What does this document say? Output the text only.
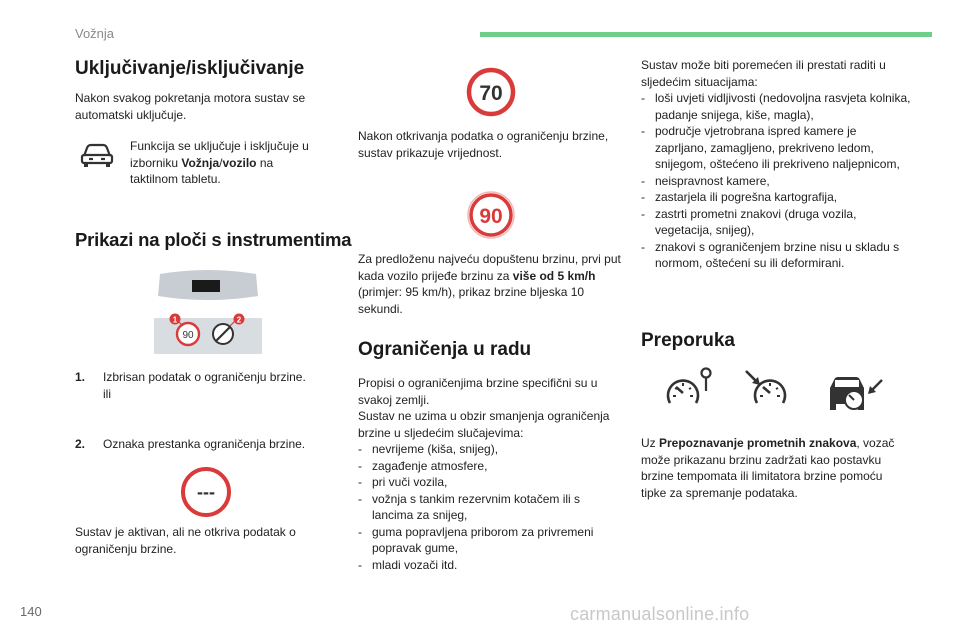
Vožnja
Uključivanje/isključivanje
Nakon svakog pokretanja motora sustav se automatski uključuje.
Funkcija se uključuje i isključuje u izborniku Vožnja/vozilo na taktilnom tabletu.
Prikazi na ploči s instrumentima
90
1	2
1. Izbrisan podatak o ograničenju brzine.
ili
2. Oznaka prestanka ograničenja brzine.
---
Sustav je aktivan, ali ne otkriva podatak o ograničenju brzine.
70
Nakon otkrivanja podatka o ograničenju brzine, sustav prikazuje vrijednost.
90
Za predloženu najveću dopuštenu brzinu, prvi put kada vozilo prijeđe brzinu za više od 5 km/h (primjer: 95 km/h), prikaz brzine bljeska 10 sekundi.
Ograničenja u radu
Propisi o ograničenjima brzine specifični su u svakoj zemlji.
Sustav ne uzima u obzir smanjenja ograničenja brzine u sljedećim slučajevima:
- nevrijeme (kiša, snijeg),
- zagađenje atmosfere,
- pri vuči vozila,
- vožnja s tankim rezervnim kotačem ili s lancima za snijeg,
- guma popravljena priborom za privremeni popravak gume,
- mladi vozači itd.
Sustav može biti poremećen ili prestati raditi u sljedećim situacijama:
- loši uvjeti vidljivosti (nedovoljna rasvjeta kolnika, padanje snijega, kiše, magla),
- područje vjetrobrana ispred kamere je zaprljano, zamagljeno, prekriveno ledom, snijegom, oštećeno ili prekriveno naljepnicom,
- neispravnost kamere,
- zastarjela ili pogrešna kartografija,
- zastrti prometni znakovi (druga vozila, vegetacija, snijeg),
- znakovi s ograničenjem brzine nisu u skladu s normom, oštećeni su ili deformirani.
Preporuka
Uz Prepoznavanje prometnih znakova, vozač može prikazanu brzinu zadržati kao postavku brzine tempomata ili limitatora brzine pomoću tipke za spremanje podataka.
140	carmanualsonline.info
